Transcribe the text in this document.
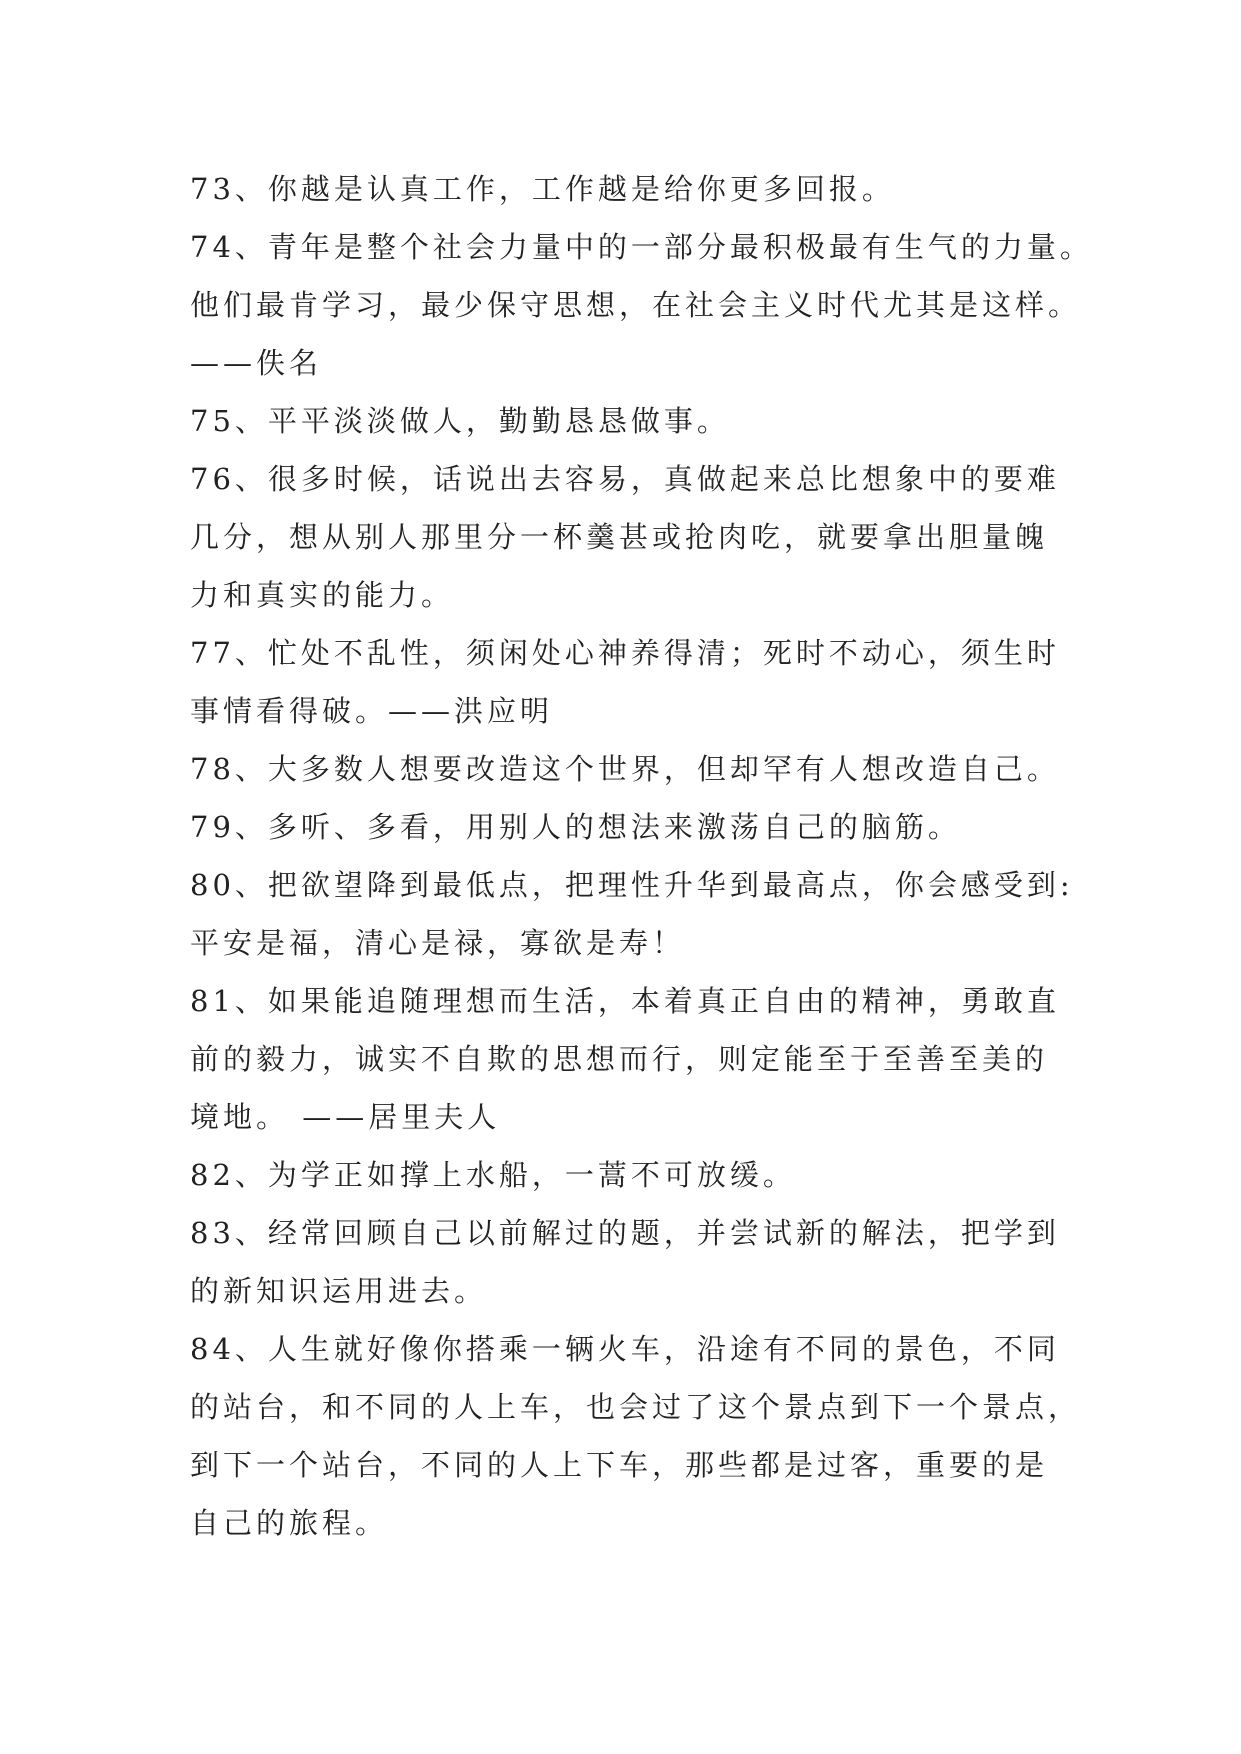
73、你越是认真工作，工作越是给你更多回报。
74、青年是整个社会力量中的一部分最积极最有生气的力量。
他们最肯学习，最少保守思想，在社会主义时代尤其是这样。
——佚名
75、平平淡淡做人，勤勤恳恳做事。
76、很多时候，话说出去容易，真做起来总比想象中的要难
几分，想从别人那里分一杯羹甚或抢肉吃，就要拿出胆量魄
力和真实的能力。
77、忙处不乱性，须闲处心神养得清；死时不动心，须生时
事情看得破。——洪应明
78、大多数人想要改造这个世界，但却罕有人想改造自己。
79、多听、多看，用别人的想法来激荡自己的脑筋。
80、把欲望降到最低点，把理性升华到最高点，你会感受到:
平安是福，清心是禄，寡欲是寿！
81、如果能追随理想而生活，本着真正自由的精神，勇敢直
前的毅力，诚实不自欺的思想而行，则定能至于至善至美的
境地。 ——居里夫人
82、为学正如撑上水船，一蒿不可放缓。
83、经常回顾自己以前解过的题，并尝试新的解法，把学到
的新知识运用进去。
84、人生就好像你搭乘一辆火车，沿途有不同的景色，不同
的站台，和不同的人上车，也会过了这个景点到下一个景点，
到下一个站台，不同的人上下车，那些都是过客，重要的是
自己的旅程。
